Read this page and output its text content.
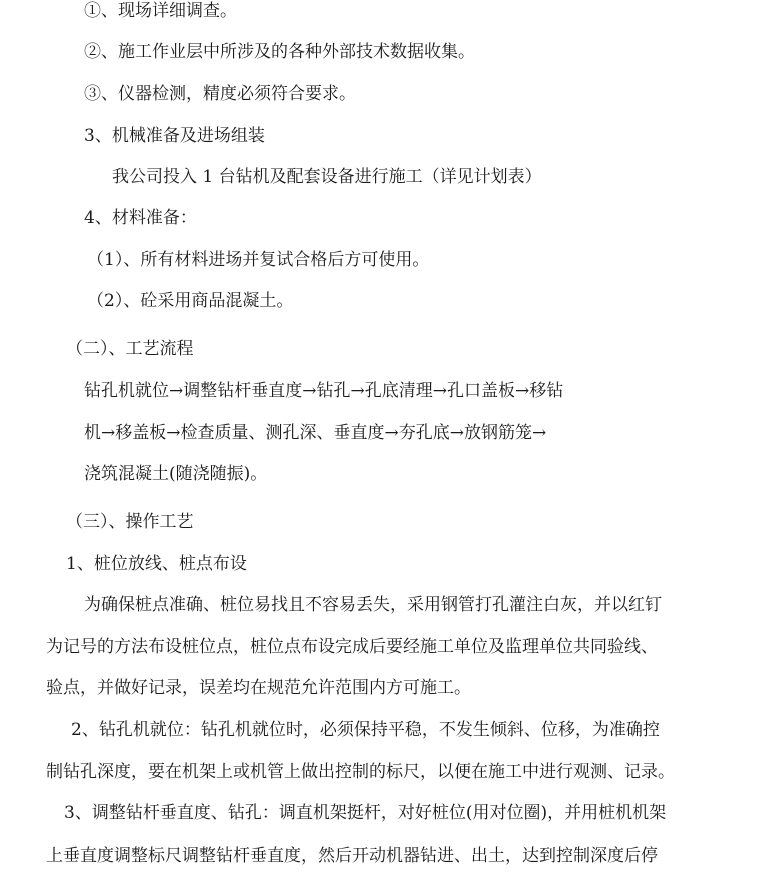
①、现场详细调查。

②、施工作业层中所涉及的各种外部技术数据收集。

③、仪器检测，精度必须符合要求。

3、机械准备及进场组装

我公司投入 1 台钻机及配套设备进行施工（详见计划表）

4、材料准备：

（1）、所有材料进场并复试合格后方可使用。

（2）、砼采用商品混凝土。

（二）、工艺流程

钻孔机就位→调整钻杆垂直度→钻孔→孔底清理→孔口盖板→移钻

机→移盖板→检查质量、测孔深、垂直度→夯孔底→放钢筋笼→

浇筑混凝土(随浇随振)。

（三）、操作工艺

1、桩位放线、桩点布设

为确保桩点准确、桩位易找且不容易丢失，采用钢管打孔灌注白灰，并以红钉

为记号的方法布设桩位点，桩位点布设完成后要经施工单位及监理单位共同验线、

验点，并做好记录，误差均在规范允许范围内方可施工。

2、钻孔机就位：钻孔机就位时，必须保持平稳，不发生倾斜、位移，为准确控

制钻孔深度，要在机架上或机管上做出控制的标尺，以便在施工中进行观测、记录。

3、调整钻杆垂直度、钻孔：调直机架挺杆，对好桩位(用对位圈)，并用桩机机架

上垂直度调整标尺调整钻杆垂直度，然后开动机器钻进、出土，达到控制深度后停
